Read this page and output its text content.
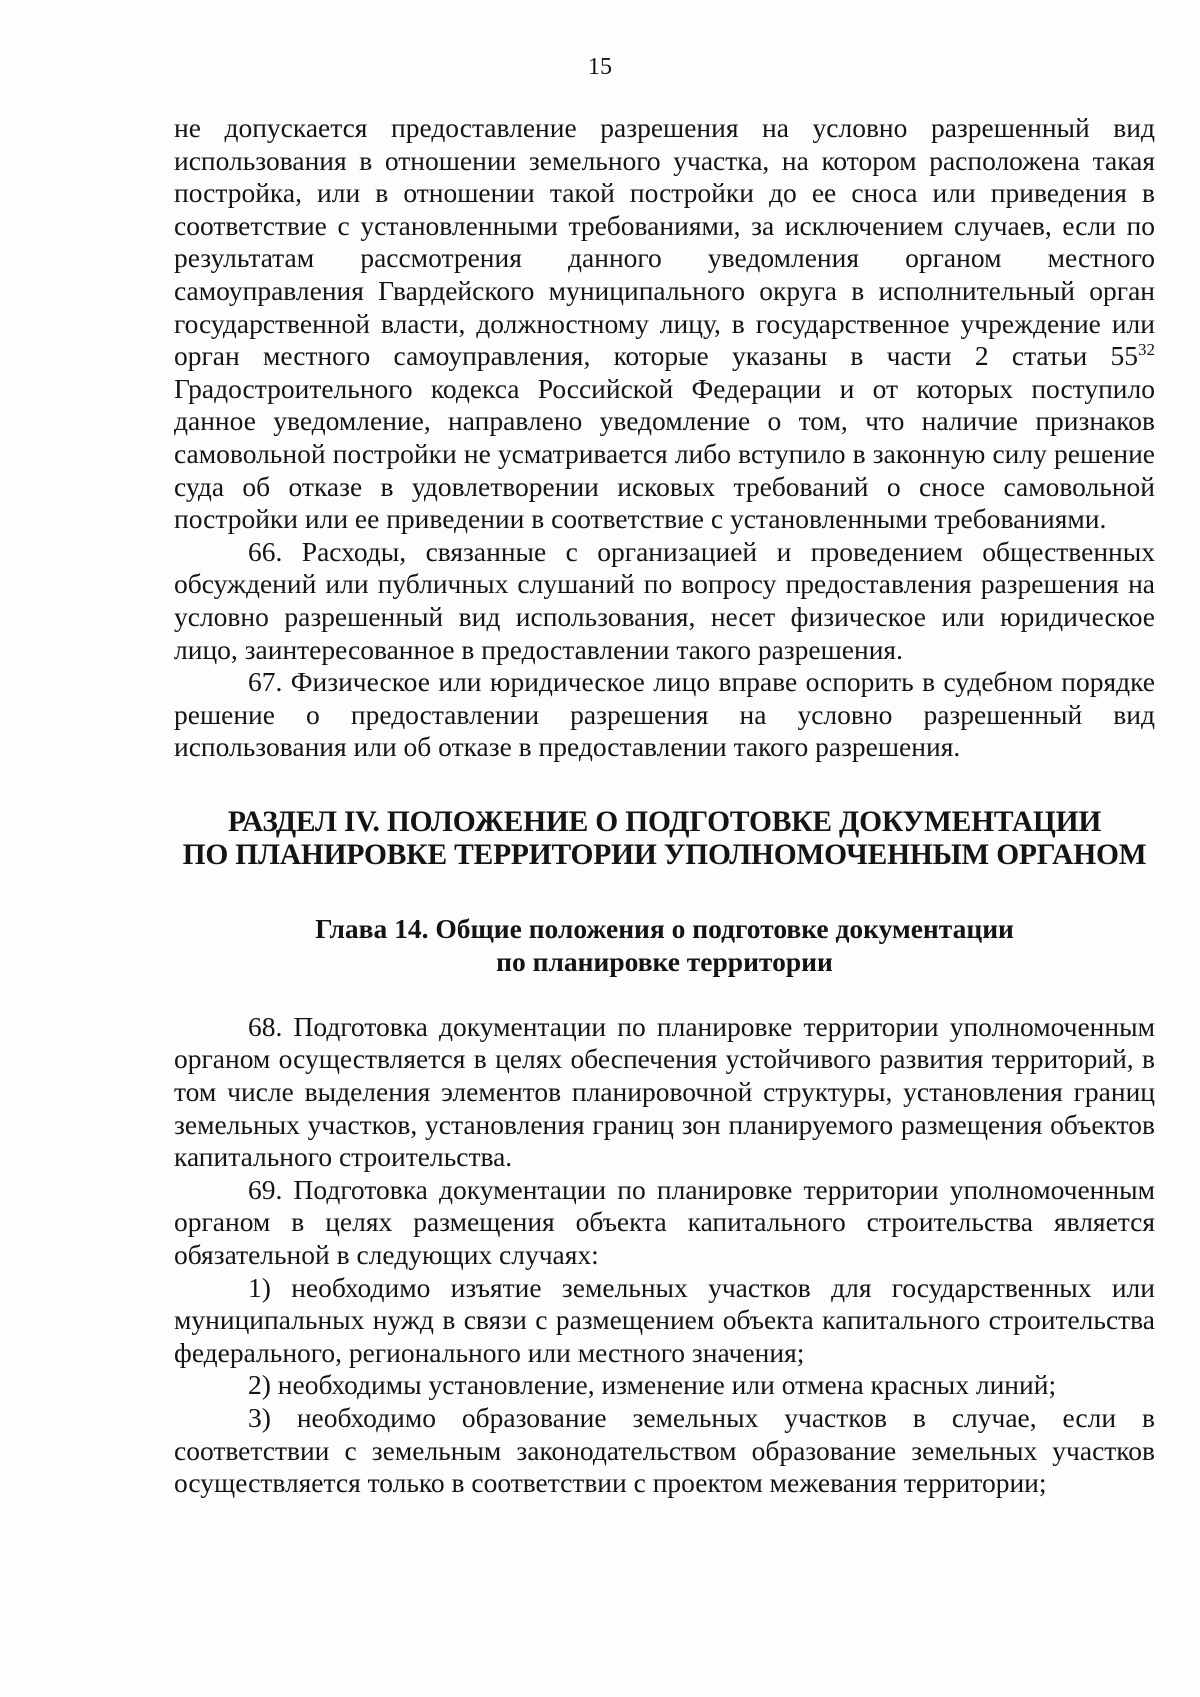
15

не допускается предоставление разрешения на условно разрешенный вид использования в отношении земельного участка, на котором расположена такая постройка, или в отношении такой постройки до ее сноса или приведения в соответствие с установленными требованиями, за исключением случаев, если по результатам рассмотрения данного уведомления органом местного самоуправления Гвардейского муниципального округа в исполнительный орган государственной власти, должностному лицу, в государственное учреждение или орган местного самоуправления, которые указаны в части 2 статьи $55^{32}$ Градостроительного кодекса Российской Федерации и от которых поступило данное уведомление, направлено уведомление о том, что наличие признаков самовольной постройки не усматривается либо вступило в законную силу решение суда об отказе в удовлетворении исковых требований о сносе самовольной постройки или ее приведении в соответствие с установленными требованиями.

66. Расходы, связанные с организацией и проведением общественных обсуждений или публичных слушаний по вопросу предоставления разрешения на условно разрешенный вид использования, несет физическое или юридическое лицо, заинтересованное в предоставлении такого разрешения.

67. Физическое или юридическое лицо вправе оспорить в судебном порядке решение о предоставлении разрешения на условно разрешенный вид использования или об отказе в предоставлении такого разрешения.

РАЗДЕЛ IV. ПОЛОЖЕНИЕ О ПОДГОТОВКЕ ДОКУМЕНТАЦИИ
ПО ПЛАНИРОВКЕ ТЕРРИТОРИИ УПОЛНОМОЧЕННЫМ ОРГАНОМ
Глава 14. Общие положения о подготовке документации
по планировке территории

68. Подготовка документации по планировке территории уполномоченным органом осуществляется в целях обеспечения устойчивого развития территорий, в том числе выделения элементов планировочной структуры, установления границ земельных участков, установления границ зон планируемого размещения объектов капитального строительства.

69. Подготовка документации по планировке территории уполномоченным органом в целях размещения объекта капитального строительства является обязательной в следующих случаях:

1) необходимо изъятие земельных участков для государственных или муниципальных нужд в связи с размещением объекта капитального строительства федерального, регионального или местного значения;

2) необходимы установление, изменение или отмена красных линий;

3) необходимо образование земельных участков в случае, если в соответствии с земельным законодательством образование земельных участков осуществляется только в соответствии с проектом межевания территории;
